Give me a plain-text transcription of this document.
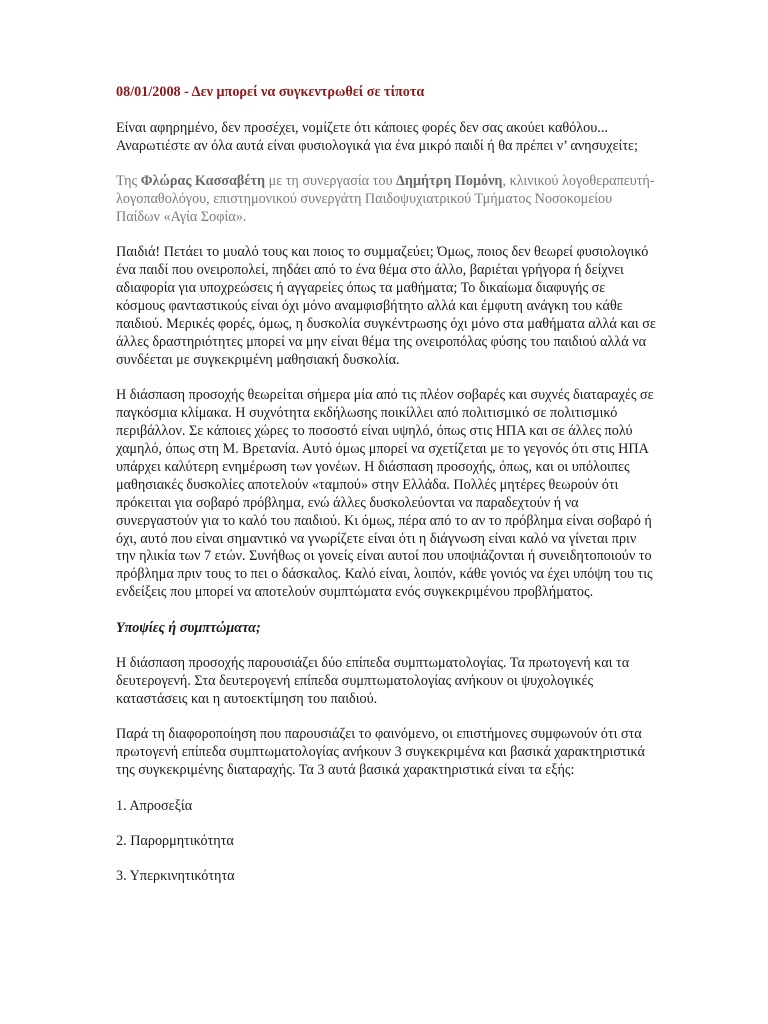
08/01/2008 - Δεν μπορεί να συγκεντρωθεί σε τίποτα

Είναι αφηρημένο, δεν προσέχει, νομίζετε ότι κάποιες φορές δεν σας ακούει καθόλου... Αναρωτιέστε αν όλα αυτά είναι φυσιολογικά για ένα μικρό παιδί ή θα πρέπει ν’ ανησυχείτε;

Της Φλώρας Κασσαβέτη με τη συνεργασία του Δημήτρη Πομόνη, κλινικού λογοθεραπευτή-λογοπαθολόγου, επιστημονικού συνεργάτη Παιδοψυχιατρικού Τμήματος Νοσοκομείου Παίδων «Αγία Σοφία».

Παιδιά! Πετάει το μυαλό τους και ποιος το συμμαζεύει; Όμως, ποιος δεν θεωρεί φυσιολογικό ένα παιδί που ονειροπολεί, πηδάει από το ένα θέμα στο άλλο, βαριέται γρήγορα ή δείχνει αδιαφορία για υποχρεώσεις ή αγγαρείες όπως τα μαθήματα; Το δικαίωμα διαφυγής σε κόσμους φανταστικούς είναι όχι μόνο αναμφισβήτητο αλλά και έμφυτη ανάγκη του κάθε παιδιού. Μερικές φορές, όμως, η δυσκολία συγκέντρωσης όχι μόνο στα μαθήματα αλλά και σε άλλες δραστηριότητες μπορεί να μην είναι θέμα της ονειροπόλας φύσης του παιδιού αλλά να συνδέεται με συγκεκριμένη μαθησιακή δυσκολία.

Η διάσπαση προσοχής θεωρείται σήμερα μία από τις πλέον σοβαρές και συχνές διαταραχές σε παγκόσμια κλίμακα. Η συχνότητα εκδήλωσης ποικίλλει από πολιτισμικό σε πολιτισμικό περιβάλλον. Σε κάποιες χώρες το ποσοστό είναι υψηλό, όπως στις ΗΠΑ και σε άλλες πολύ χαμηλό, όπως στη Μ. Βρετανία. Αυτό όμως μπορεί να σχετίζεται με το γεγονός ότι στις ΗΠΑ υπάρχει καλύτερη ενημέρωση των γονέων. Η διάσπαση προσοχής, όπως, και οι υπόλοιπες μαθησιακές δυσκολίες αποτελούν «ταμπού» στην Ελλάδα. Πολλές μητέρες θεωρούν ότι πρόκειται για σοβαρό πρόβλημα, ενώ άλλες δυσκολεύονται να παραδεχτούν ή να συνεργαστούν για το καλό του παιδιού. Κι όμως, πέρα από το αν το πρόβλημα είναι σοβαρό ή όχι, αυτό που είναι σημαντικό να γνωρίζετε είναι ότι η διάγνωση είναι καλό να γίνεται πριν την ηλικία των 7 ετών. Συνήθως οι γονείς είναι αυτοί που υποψιάζονται ή συνειδητοποιούν το πρόβλημα πριν τους το πει ο δάσκαλος. Καλό είναι, λοιπόν, κάθε γονιός να έχει υπόψη του τις ενδείξεις που μπορεί να αποτελούν συμπτώματα ενός συγκεκριμένου προβλήματος.

Υποψίες ή συμπτώματα;

Η διάσπαση προσοχής παρουσιάζει δύο επίπεδα συμπτωματολογίας. Τα πρωτογενή και τα δευτερογενή. Στα δευτερογενή επίπεδα συμπτωματολογίας ανήκουν οι ψυχολογικές καταστάσεις και η αυτοεκτίμηση του παιδιού.

Παρά τη διαφοροποίηση που παρουσιάζει το φαινόμενο, οι επιστήμονες συμφωνούν ότι στα πρωτογενή επίπεδα συμπτωματολογίας ανήκουν 3 συγκεκριμένα και βασικά χαρακτηριστικά της συγκεκριμένης διαταραχής. Τα 3 αυτά βασικά χαρακτηριστικά είναι τα εξής:

1. Απροσεξία
2. Παρορμητικότητα
3. Υπερκινητικότητα
